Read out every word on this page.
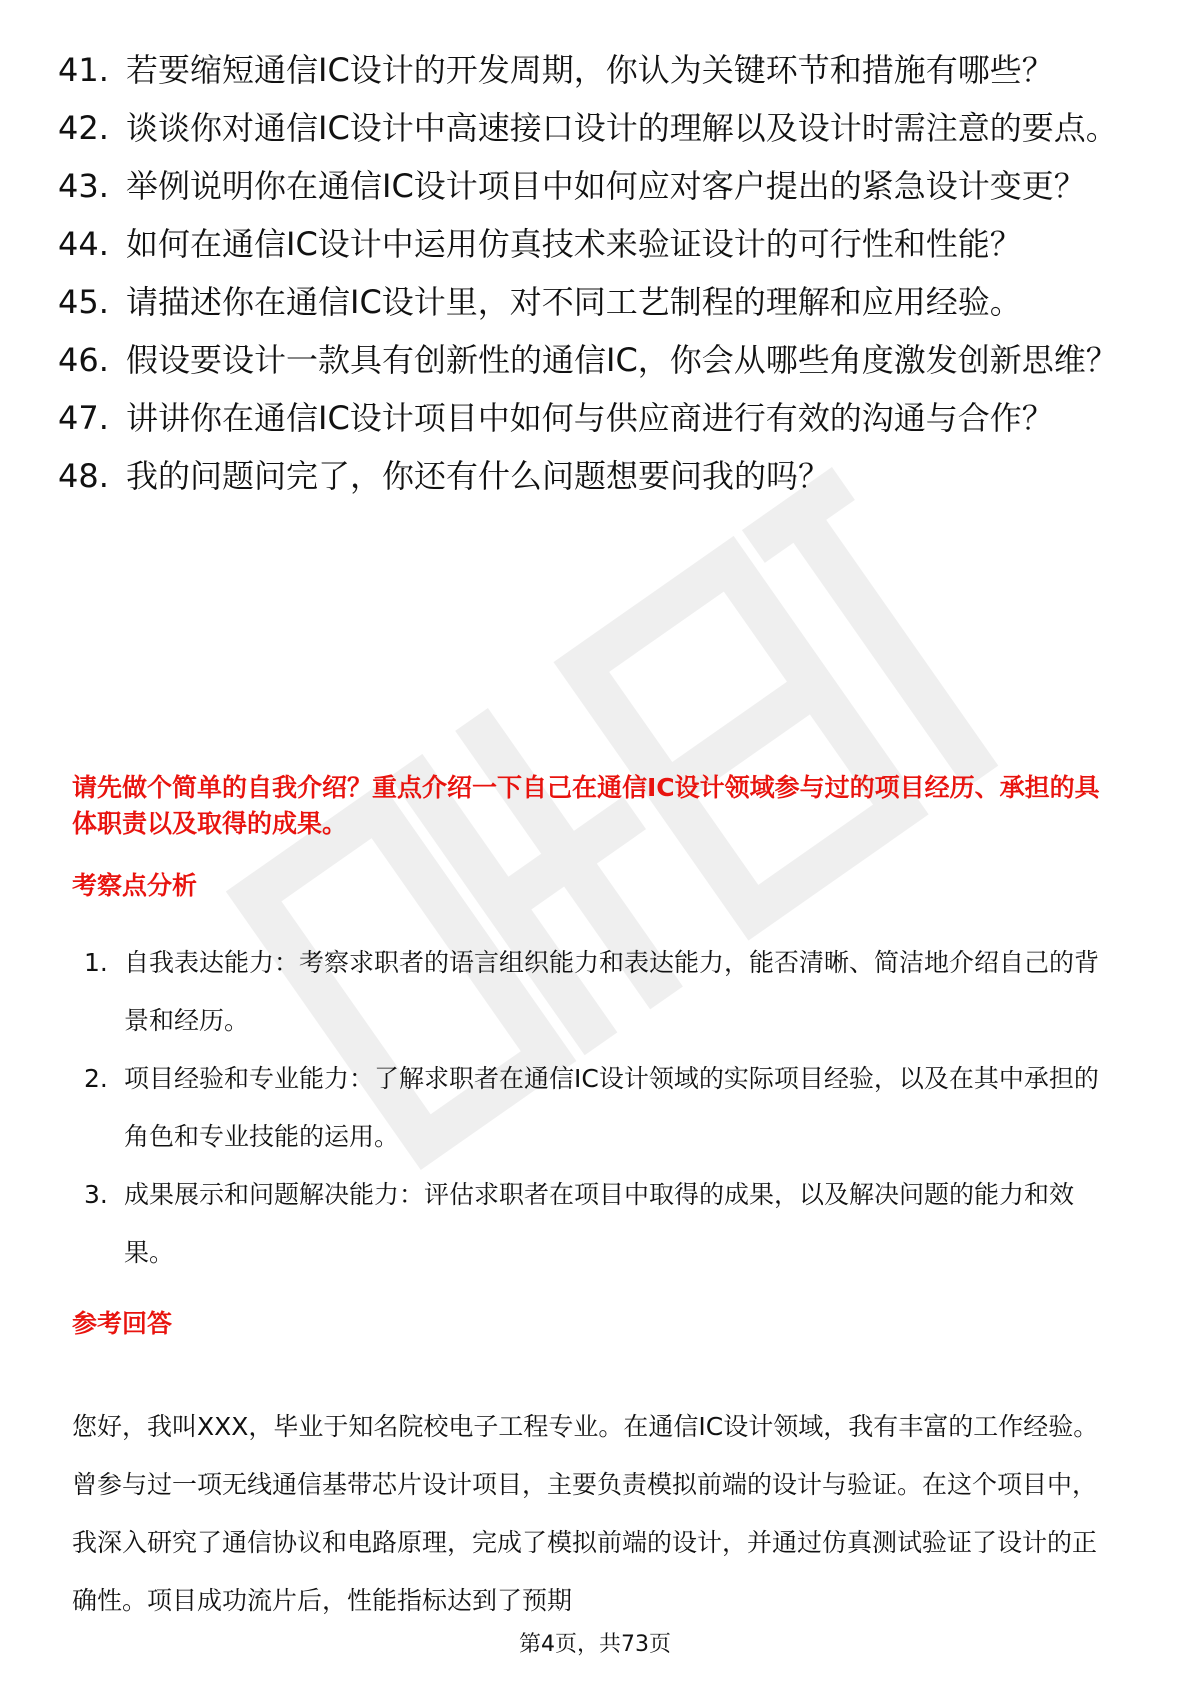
41. 若要缩短通信IC设计的开发周期，你认为关键环节和措施有哪些？
42. 谈谈你对通信IC设计中高速接口设计的理解以及设计时需注意的要点。
43. 举例说明你在通信IC设计项目中如何应对客户提出的紧急设计变更？
44. 如何在通信IC设计中运用仿真技术来验证设计的可行性和性能？
45. 请描述你在通信IC设计里，对不同工艺制程的理解和应用经验。
46. 假设要设计一款具有创新性的通信IC，你会从哪些角度激发创新思维？
47. 讲讲你在通信IC设计项目中如何与供应商进行有效的沟通与合作？
48. 我的问题问完了，你还有什么问题想要问我的吗？
请先做个简单的自我介绍？重点介绍一下自己在通信IC设计领域参与过的项目经历、承担的具体职责以及取得的成果。
考察点分析
1. 自我表达能力：考察求职者的语言组织能力和表达能力，能否清晰、简洁地介绍自己的背景和经历。
2. 项目经验和专业能力：了解求职者在通信IC设计领域的实际项目经验，以及在其中承担的角色和专业技能的运用。
3. 成果展示和问题解决能力：评估求职者在项目中取得的成果，以及解决问题的能力和效果。
参考回答
您好，我叫XXX，毕业于知名院校电子工程专业。在通信IC设计领域，我有丰富的工作经验。曾参与过一项无线通信基带芯片设计项目，主要负责模拟前端的设计与验证。在这个项目中，我深入研究了通信协议和电路原理，完成了模拟前端的设计，并通过仿真测试验证了设计的正确性。项目成功流片后，性能指标达到了预期
第4页，共73页
